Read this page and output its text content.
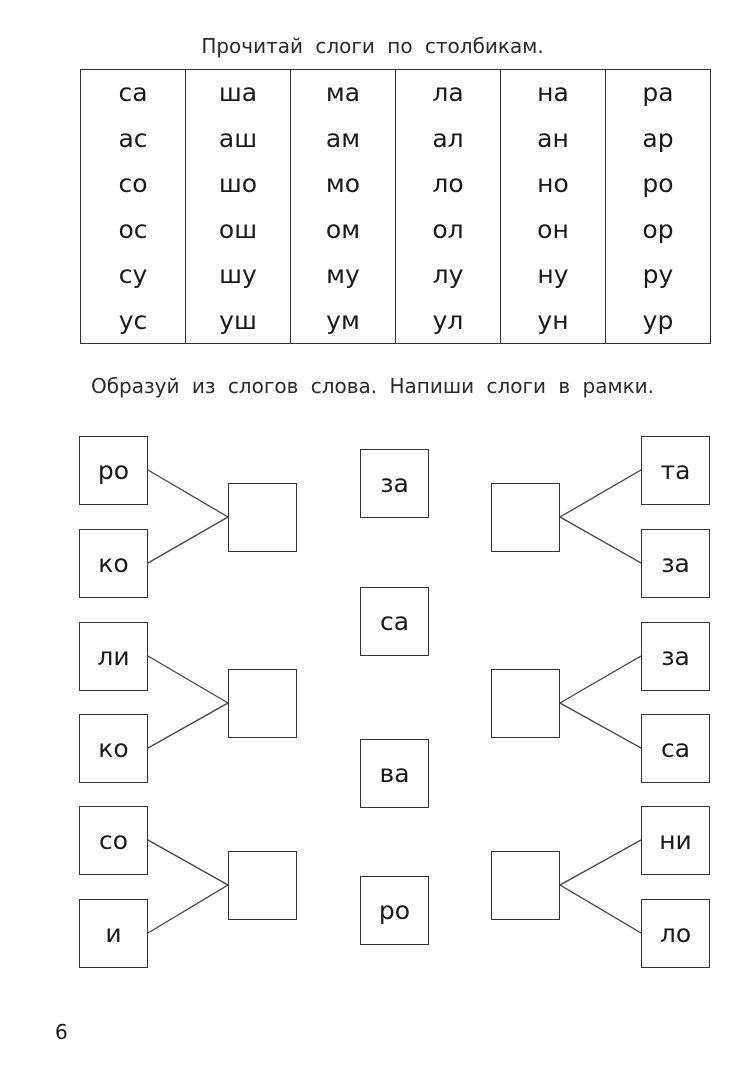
Прочитай слоги по столбикам.
са	ша	ма	ла	на	ра
ас	аш	ам	ал	ан	ар
со	шо	мо	ло	но	ро
ос	ош	ом	ол	он	ор
су	шу	му	лу	ну	ру
ус	уш	ум	ул	ун	ур
Образуй из слогов слова. Напиши слоги в рамки.
ро
ко
ли
ко
со
и
за
са
ва
ро
та
за
за
са
ни
ло
6
